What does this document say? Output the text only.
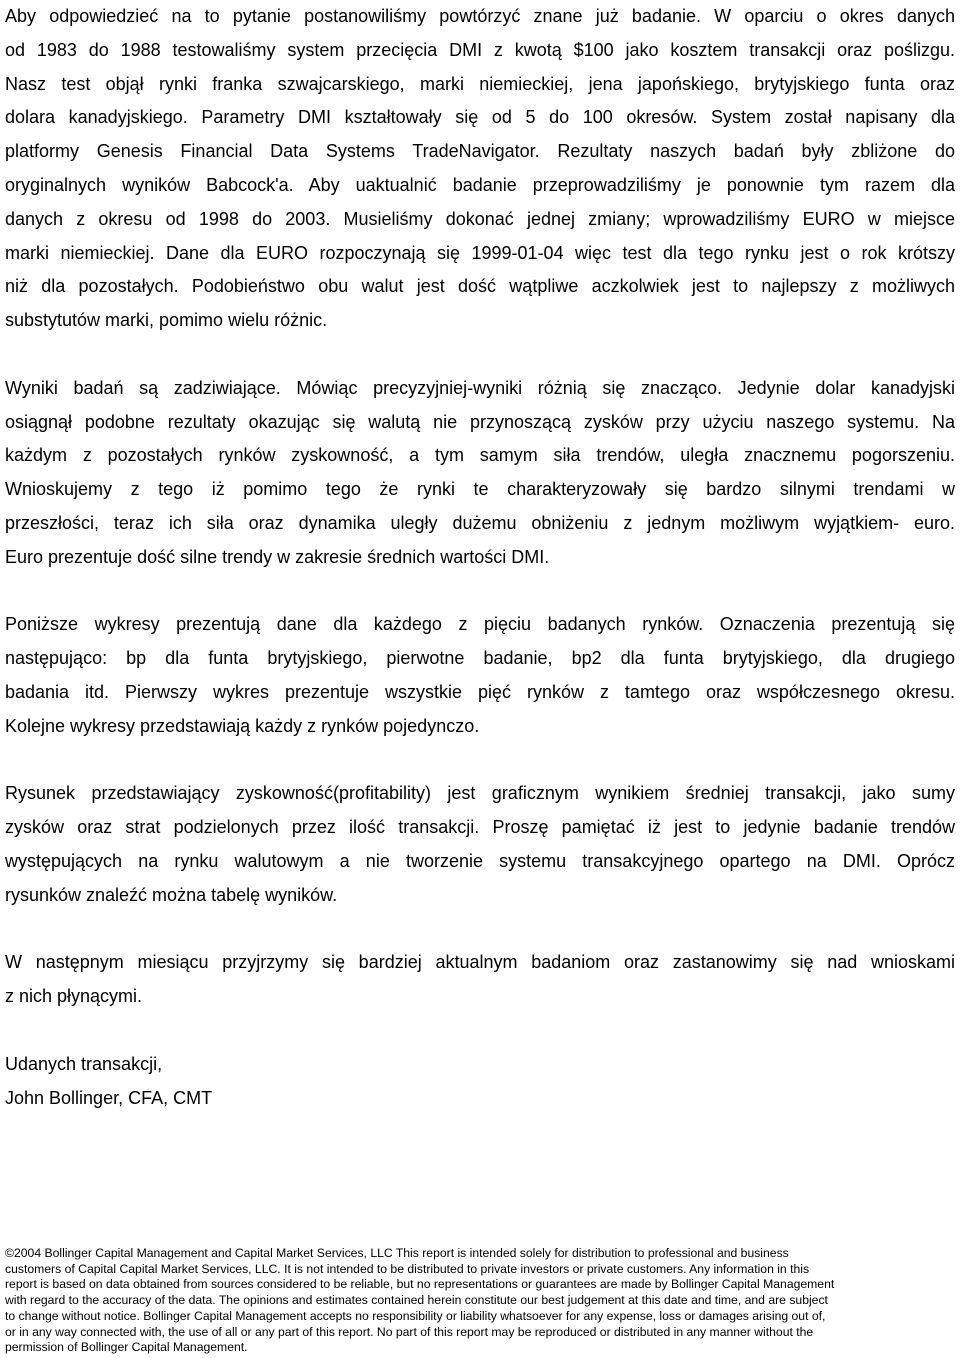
Aby odpowiedzieć na to pytanie postanowiliśmy powtórzyć znane już badanie. W oparciu o okres danych
od 1983 do 1988 testowaliśmy system przecięcia DMI z kwotą $100 jako kosztem transakcji oraz poślizgu.
Nasz test objął rynki franka szwajcarskiego, marki niemieckiej, jena japońskiego, brytyjskiego funta oraz
dolara kanadyjskiego. Parametry DMI kształtowały się od 5 do 100 okresów. System został napisany dla
platformy Genesis Financial Data Systems TradeNavigator. Rezultaty naszych badań były zbliżone do
oryginalnych wyników Babcock'a. Aby uaktualnić badanie przeprowadziliśmy je ponownie tym razem dla
danych z okresu od 1998 do 2003. Musieliśmy dokonać jednej zmiany; wprowadziliśmy EURO w miejsce
marki niemieckiej. Dane dla EURO rozpoczynają się 1999-01-04 więc test dla tego rynku jest o rok krótszy
niż dla pozostałych. Podobieństwo obu walut jest dość wątpliwe aczkolwiek jest to najlepszy z możliwych
substytutów marki, pomimo wielu różnic.
Wyniki badań są zadziwiające. Mówiąc precyzyjniej-wyniki różnią się znacząco. Jedynie dolar kanadyjski
osiągnął podobne rezultaty okazując się walutą nie przynoszącą zysków przy użyciu naszego systemu. Na
każdym z pozostałych rynków zyskowność, a tym samym siła trendów, uległa znacznemu pogorszeniu.
Wnioskujemy z tego iż pomimo tego że rynki te charakteryzowały się bardzo silnymi trendami w
przeszłości, teraz ich siła oraz dynamika uległy dużemu obniżeniu z jednym możliwym wyjątkiem- euro.
Euro prezentuje dość silne trendy w zakresie średnich wartości DMI.
Poniższe wykresy prezentują dane dla każdego z pięciu badanych rynków. Oznaczenia prezentują się
następująco: bp dla funta brytyjskiego, pierwotne badanie, bp2 dla funta brytyjskiego, dla drugiego
badania itd. Pierwszy wykres prezentuje wszystkie pięć rynków z tamtego oraz współczesnego okresu.
Kolejne wykresy przedstawiają każdy z rynków pojedynczo.
Rysunek przedstawiający zyskowność(profitability) jest graficznym wynikiem średniej transakcji, jako sumy
zysków oraz strat podzielonych przez ilość transakcji. Proszę pamiętać iż jest to jedynie badanie trendów
występujących na rynku walutowym a nie tworzenie systemu transakcyjnego opartego na DMI. Oprócz
rysunków znaleźć można tabelę wyników.
W następnym miesiącu przyjrzymy się bardziej aktualnym badaniom oraz zastanowimy się nad wnioskami
z nich płynącymi.
Udanych transakcji,
John Bollinger, CFA, CMT
©2004 Bollinger Capital Management and Capital Market Services, LLC This report is intended solely for distribution to professional and business
customers of Capital Capital Market Services, LLC. It is not intended to be distributed to private investors or private customers. Any information in this
report is based on data obtained from sources considered to be reliable, but no representations or guarantees are made by Bollinger Capital Management
with regard to the accuracy of the data. The opinions and estimates contained herein constitute our best judgement at this date and time, and are subject
to change without notice. Bollinger Capital Management accepts no responsibility or liability whatsoever for any expense, loss or damages arising out of,
or in any way connected with, the use of all or any part of this report. No part of this report may be reproduced or distributed in any manner without the
permission of Bollinger Capital Management.
